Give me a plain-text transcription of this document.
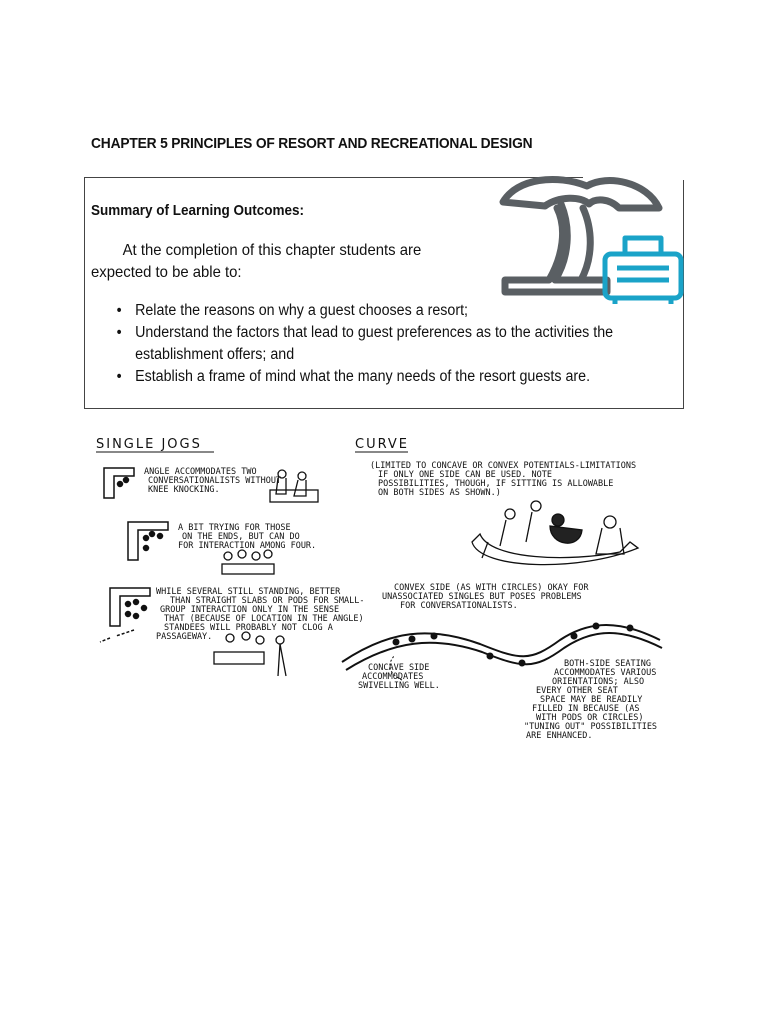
CHAPTER 5 PRINCIPLES OF RESORT AND RECREATIONAL DESIGN
Summary of Learning Outcomes:
At the completion of this chapter students are
expected to be able to:
• Relate the reasons on why a guest chooses a resort;
• Understand the factors that lead to guest preferences as to the activities the establishment offers; and
• Establish a frame of mind what the many needs of the resort guests are.
SINGLE JOGS	CURVE
ANGLE ACCOMMODATES TWO CONVERSATIONALISTS WITHOUT KNEE KNOCKING.
A BIT TRYING FOR THOSE ON THE ENDS, BUT CAN DO FOR INTERACTION AMONG FOUR.
WHILE SEVERAL STILL STANDING, BETTER THAN STRAIGHT SLABS OR PODS FOR SMALL- GROUP INTERACTION ONLY IN THE SENSE THAT (BECAUSE OF LOCATION IN THE ANGLE) STANDEES WILL PROBABLY NOT CLOG A PASSAGEWAY.
(LIMITED TO CONCAVE OR CONVEX POTENTIALS-LIMITATIONS IF ONLY ONE SIDE CAN BE USED. NOTE POSSIBILITIES, THOUGH, IF SITTING IS ALLOWABLE ON BOTH SIDES AS SHOWN.)
CONVEX SIDE (AS WITH CIRCLES) OKAY FOR UNASSOCIATED SINGLES BUT POSES PROBLEMS FOR CONVERSATIONALISTS.
CONCAVE SIDE ACCOMMODATES SWIVELLING WELL.
BOTH-SIDE SEATING ACCOMMODATES VARIOUS ORIENTATIONS; ALSO EVERY OTHER SEAT SPACE MAY BE READILY FILLED IN BECAUSE (AS WITH PODS OR CIRCLES) "TUNING OUT" POSSIBILITIES ARE ENHANCED.
